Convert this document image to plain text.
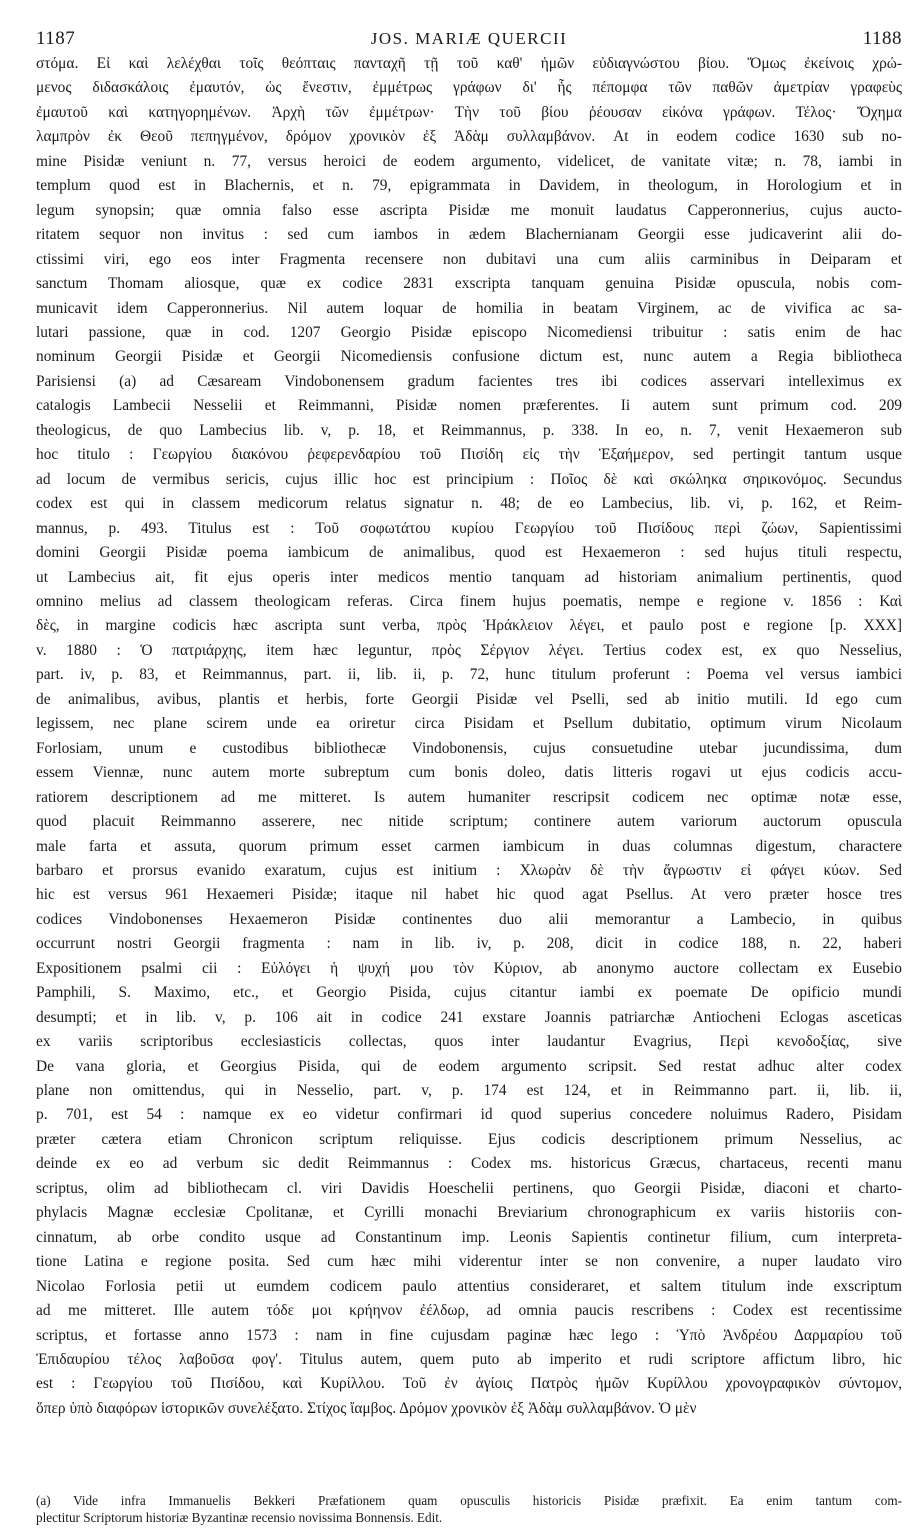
1187	JOS. MARIÆ QUERCII	1188
στόμα. Εἰ καὶ λελέχθαι τοῖς θεόπταις πανταχῆ τῇ τοῦ καθ' ἡμῶν εὐδιαγνώστου βίου. Ὅμως ἐκείνοις χρώ-
μενος διδασκάλοις ἐμαυτόν, ὡς ἔνεστιν, ἐμμέτρως γράφων δι' ἧς πέπομφα τῶν παθῶν ἀμετρίαν γραφεὺς
ἐμαυτοῦ καὶ κατηγορημένων. Ἀρχὴ τῶν ἐμμέτρων· Τὴν τοῦ βίου ῥέουσαν εἰκόνα γράφων. Τέλος· Ὄχημα
λαμπρὸν ἐκ Θεοῦ πεπηγμένον, δρόμον χρονικὸν ἐξ Ἀδὰμ συλλαμβάνον. At in eodem codice 1630 sub no-
mine Pisidæ veniunt n. 77, versus heroici de eodem argumento, videlicet, de vanitate vitæ; n. 78, iambi in
templum quod est in Blachernis, et n. 79, epigrammata in Davidem, in theologum, in Horologium et in
legum synopsin; quæ omnia falso esse ascripta Pisidæ me monuit laudatus Capperonnerius, cujus aucto-
ritatem sequor non invitus : sed cum iambos in ædem Blachernianam Georgii esse judicaverint alii do-
ctissimi viri, ego eos inter Fragmenta recensere non dubitavi una cum aliis carminibus in Deiparam et
sanctum Thomam aliosque, quæ ex codice 2831 exscripta tanquam genuina Pisidæ opuscula, nobis com-
municavit idem Capperonnerius. Nil autem loquar de homilia in beatam Virginem, ac de vivifica ac sa-
lutari passione, quæ in cod. 1207 Georgio Pisidæ episcopo Nicomediensi tribuitur : satis enim de hac
nominum Georgii Pisidæ et Georgii Nicomediensis confusione dictum est, nunc autem a Regia bibliotheca
Parisiensi (a) ad Cæsaream Vindobonensem gradum facientes tres ibi codices asservari intelleximus ex
catalogis Lambecii Nesselii et Reimmanni, Pisidæ nomen præferentes. Ii autem sunt primum cod. 209
theologicus, de quo Lambecius lib. v, p. 18, et Reimmannus, p. 338. In eo, n. 7, venit Hexaemeron sub
hoc titulo : Γεωργίου διακόνου ῥεφερενδαρίου τοῦ Πισίδη εἰς τὴν Ἑξαήμερον, sed pertingit tantum usque
ad locum de vermibus sericis, cujus illic hoc est principium : Ποῖος δὲ καὶ σκώληκα σηρικονόμος. Secundus
codex est qui in classem medicorum relatus signatur n. 48; de eo Lambecius, lib. vi, p. 162, et Reim-
mannus, p. 493. Titulus est : Τοῦ σοφωτάτου κυρίου Γεωργίου τοῦ Πισίδους περὶ ζώων, Sapientissimi
domini Georgii Pisidæ poema iambicum de animalibus, quod est Hexaemeron : sed hujus tituli respectu,
ut Lambecius ait, fit ejus operis inter medicos mentio tanquam ad historiam animalium pertinentis, quod
omnino melius ad classem theologicam referas. Circa finem hujus poematis, nempe e regione v. 1856 : Καὶ
δὲς, in margine codicis hæc ascripta sunt verba, πρὸς Ἡράκλειον λέγει, et paulo post e regione [p. XXX]
v. 1880 : Ὁ πατριάρχης, item hæc leguntur, πρὸς Σέργιον λέγει. Tertius codex est, ex quo Nesselius,
part. iv, p. 83, et Reimmannus, part. ii, lib. ii, p. 72, hunc titulum proferunt : Poema vel versus iambici
de animalibus, avibus, plantis et herbis, forte Georgii Pisidæ vel Pselli, sed ab initio mutili. Id ego cum
legissem, nec plane scirem unde ea oriretur circa Pisidam et Psellum dubitatio, optimum virum Nicolaum
Forlosiam, unum e custodibus bibliothecæ Vindobonensis, cujus consuetudine utebar jucundissima, dum
essem Viennæ, nunc autem morte subreptum cum bonis doleo, datis litteris rogavi ut ejus codicis accu-
ratiorem descriptionem ad me mitteret. Is autem humaniter rescripsit codicem nec optimæ notæ esse,
quod placuit Reimmanno asserere, nec nitide scriptum; continere autem variorum auctorum opuscula
male farta et assuta, quorum primum esset carmen iambicum in duas columnas digestum, charactere
barbaro et prorsus evanido exaratum, cujus est initium : Χλωρὰν δὲ τὴν ἄγρωστιν εἰ φάγει κύων. Sed
hic est versus 961 Hexaemeri Pisidæ; itaque nil habet hic quod agat Psellus. At vero præter hosce tres
codices Vindobonenses Hexaemeron Pisidæ continentes duo alii memorantur a Lambecio, in quibus
occurrunt nostri Georgii fragmenta : nam in lib. iv, p. 208, dicit in codice 188, n. 22, haberi
Expositionem psalmi cii : Εὐλόγει ἡ ψυχή μου τὸν Κύριον, ab anonymo auctore collectam ex Eusebio
Pamphili, S. Maximo, etc., et Georgio Pisida, cujus citantur iambi ex poemate De opificio mundi
desumpti; et in lib. v, p. 106 ait in codice 241 exstare Joannis patriarchæ Antiocheni Eclogas asceticas
ex variis scriptoribus ecclesiasticis collectas, quos inter laudantur Evagrius, Περὶ κενοδοξίας, sive
De vana gloria, et Georgius Pisida, qui de eodem argumento scripsit. Sed restat adhuc alter codex
plane non omittendus, qui in Nesselio, part. v, p. 174 est 124, et in Reimmanno part. ii, lib. ii,
p. 701, est 54 : namque ex eo videtur confirmari id quod superius concedere noluimus Radero, Pisidam
præter cætera etiam Chronicon scriptum reliquisse. Ejus codicis descriptionem primum Nesselius, ac
deinde ex eo ad verbum sic dedit Reimmannus : Codex ms. historicus Græcus, chartaceus, recenti manu
scriptus, olim ad bibliothecam cl. viri Davidis Hoeschelii pertinens, quo Georgii Pisidæ, diaconi et charto-
phylacis Magnæ ecclesiæ Cpolitanæ, et Cyrilli monachi Breviarium chronographicum ex variis historiis con-
cinnatum, ab orbe condito usque ad Constantinum imp. Leonis Sapientis continetur filium, cum interpreta-
tione Latina e regione posita. Sed cum hæc mihi viderentur inter se non convenire, a nuper laudato viro
Nicolao Forlosia petii ut eumdem codicem paulo attentius consideraret, et saltem titulum inde exscriptum
ad me mitteret. Ille autem τόδε μοι κρήηνον ἐέλδωρ, ad omnia paucis rescribens : Codex est recentissime
scriptus, et fortasse anno 1573 : nam in fine cujusdam paginæ hæc lego : Ὑπὸ Ἀνδρέου Δαρμαρίου τοῦ
Ἐπιδαυρίου τέλος λαβοῦσα φογ'. Titulus autem, quem puto ab imperito et rudi scriptore affictum libro, hic
est : Γεωργίου τοῦ Πισίδου, καὶ Κυρίλλου. Τοῦ ἐν ἁγίοις Πατρὸς ἡμῶν Κυρίλλου χρονογραφικὸν σύντομον,
ὅπερ ὑπὸ διαφόρων ἱστορικῶν συνελέξατο. Στίχος ἴαμβος. Δρόμον χρονικὸν ἐξ Ἀδὰμ συλλαμβάνον. Ὁ μὲν
(a) Vide infra Immanuelis Bekkeri Præfationem quam opusculis historicis Pisidæ præfixit. Ea enim tantum com-
plectitur Scriptorum historiæ Byzantinæ recensio novissima Bonnensis. Edit.
